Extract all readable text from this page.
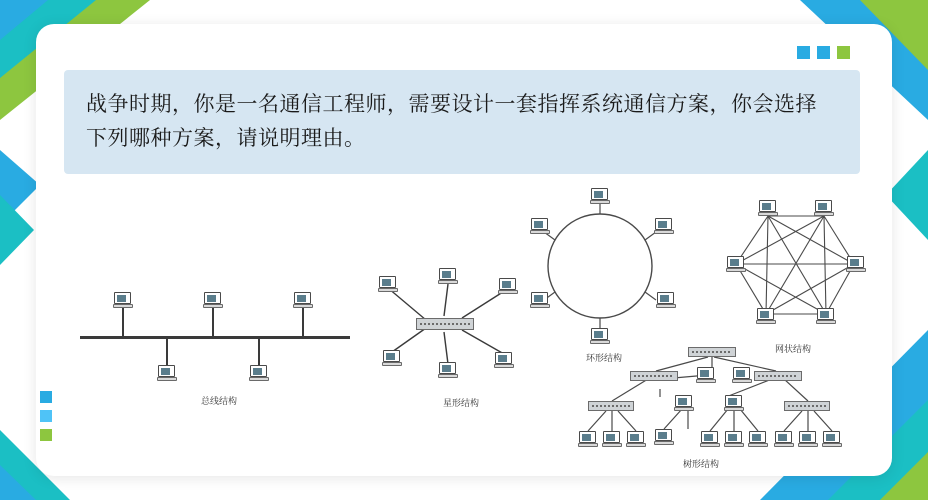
战争时期，你是一名通信工程师，需要设计一套指挥系统通信方案，你会选择下列哪种方案，请说明理由。
总线结构	星形结构
环形结构
网状结构
树形结构
